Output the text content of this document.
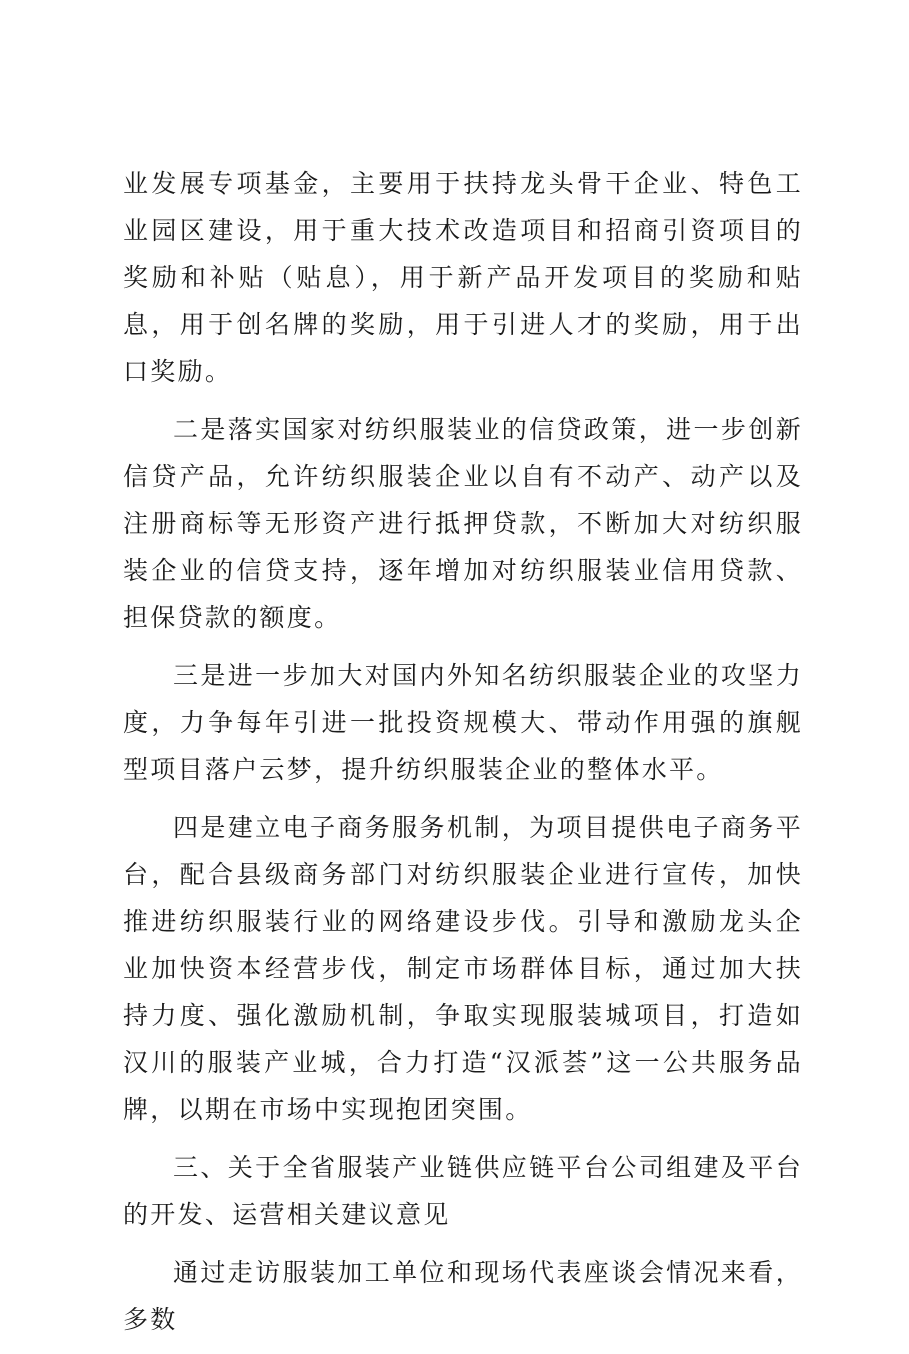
业发展专项基金，主要用于扶持龙头骨干企业、特色工业园区建设，用于重大技术改造项目和招商引资项目的奖励和补贴（贴息），用于新产品开发项目的奖励和贴息，用于创名牌的奖励，用于引进人才的奖励，用于出口奖励。

二是落实国家对纺织服装业的信贷政策，进一步创新信贷产品，允许纺织服装企业以自有不动产、动产以及注册商标等无形资产进行抵押贷款，不断加大对纺织服装企业的信贷支持，逐年增加对纺织服装业信用贷款、担保贷款的额度。

三是进一步加大对国内外知名纺织服装企业的攻坚力度，力争每年引进一批投资规模大、带动作用强的旗舰型项目落户云梦，提升纺织服装企业的整体水平。

四是建立电子商务服务机制，为项目提供电子商务平台，配合县级商务部门对纺织服装企业进行宣传，加快推进纺织服装行业的网络建设步伐。引导和激励龙头企业加快资本经营步伐，制定市场群体目标，通过加大扶持力度、强化激励机制，争取实现服装城项目，打造如汉川的服装产业城，合力打造“汉派荟”这一公共服务品牌，以期在市场中实现抱团突围。

三、关于全省服装产业链供应链平台公司组建及平台的开发、运营相关建议意见

通过走访服装加工单位和现场代表座谈会情况来看，多数
